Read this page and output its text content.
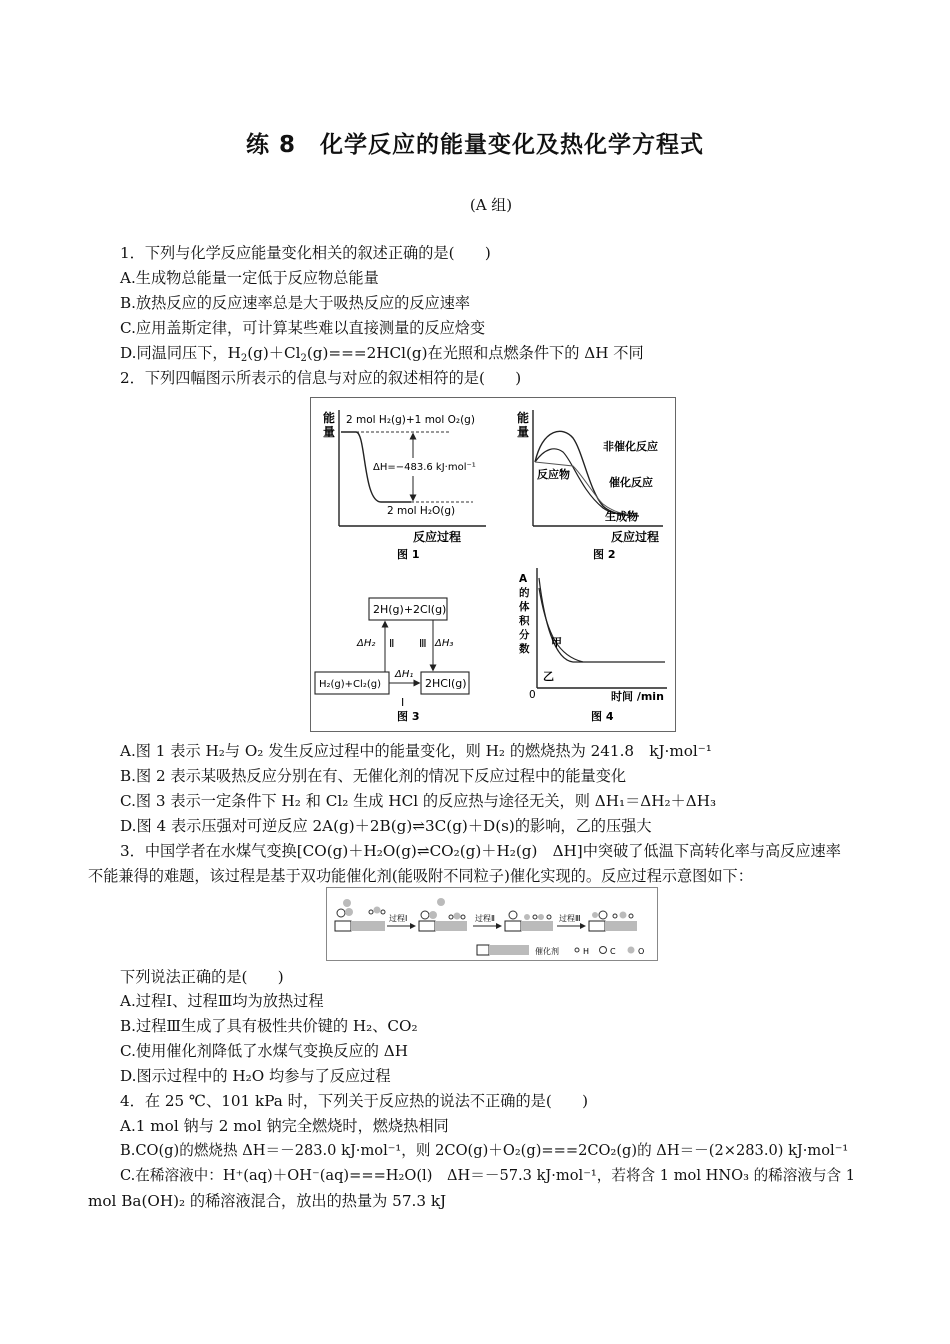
练 8　化学反应的能量变化及热化学方程式
(A 组)
1．下列与化学反应能量变化相关的叙述正确的是(　　)
A.生成物总能量一定低于反应物总能量
B.放热反应的反应速率总是大于吸热反应的反应速率
C.应用盖斯定律，可计算某些难以直接测量的反应焓变
D.同温同压下，$H_2(g)+Cl_2(g)===2HCl(g)$在光照和点燃条件下的 ΔH 不同
2．下列四幅图示所表示的信息与对应的叙述相符的是(　　)
能
量
2 mol H₂(g)+1 mol O₂(g)
ΔH=−483.6 kJ·mol⁻¹
2 mol H₂O(g)
反应过程
图 1
能
量
非催化反应
催化反应
反应物
生成物
反应过程
图 2
2H(g)+2Cl(g)
H₂(g)+Cl₂(g)	2HCl(g)
ΔH₂ Ⅱ Ⅲ ΔH₃
ΔH₁
Ⅰ
图 3
A
的
体
积
分
数 甲
乙
0	时间 /min
图 4
A.图 1 表示 H₂与 O₂ 发生反应过程中的能量变化，则 H₂ 的燃烧热为 241.8　kJ·mol⁻¹
B.图 2 表示某吸热反应分别在有、无催化剂的情况下反应过程中的能量变化
C.图 3 表示一定条件下 H₂ 和 Cl₂ 生成 HCl 的反应热与途径无关，则 ΔH₁＝ΔH₂＋ΔH₃
D.图 4 表示压强对可逆反应 2A(g)＋2B(g)⇌3C(g)＋D(s)的影响，乙的压强大
3．中国学者在水煤气变换[CO(g)＋H₂O(g)⇌CO₂(g)＋H₂(g)　ΔH]中突破了低温下高转化率与高反应速率
不能兼得的难题，该过程是基于双功能催化剂(能吸附不同粒子)催化实现的。反应过程示意图如下：
过程Ⅰ	过程Ⅱ	过程Ⅲ
催化剂	H	C	O
下列说法正确的是(　　)
A.过程Ⅰ、过程Ⅲ均为放热过程
B.过程Ⅲ生成了具有极性共价键的 H₂、CO₂
C.使用催化剂降低了水煤气变换反应的 ΔH
D.图示过程中的 H₂O 均参与了反应过程
4．在 25 ℃、101 kPa 时，下列关于反应热的说法不正确的是(　　)
A.1 mol 钠与 2 mol 钠完全燃烧时，燃烧热相同
B.CO(g)的燃烧热 ΔH＝－283.0 kJ·mol⁻¹，则 2CO(g)＋O₂(g)===2CO₂(g)的 ΔH＝－(2×283.0) kJ·mol⁻¹
C.在稀溶液中：H⁺(aq)＋OH⁻(aq)===H₂O(l)　ΔH＝－57.3 kJ·mol⁻¹，若将含 1 mol HNO₃ 的稀溶液与含 1
mol Ba(OH)₂ 的稀溶液混合，放出的热量为 57.3 kJ
